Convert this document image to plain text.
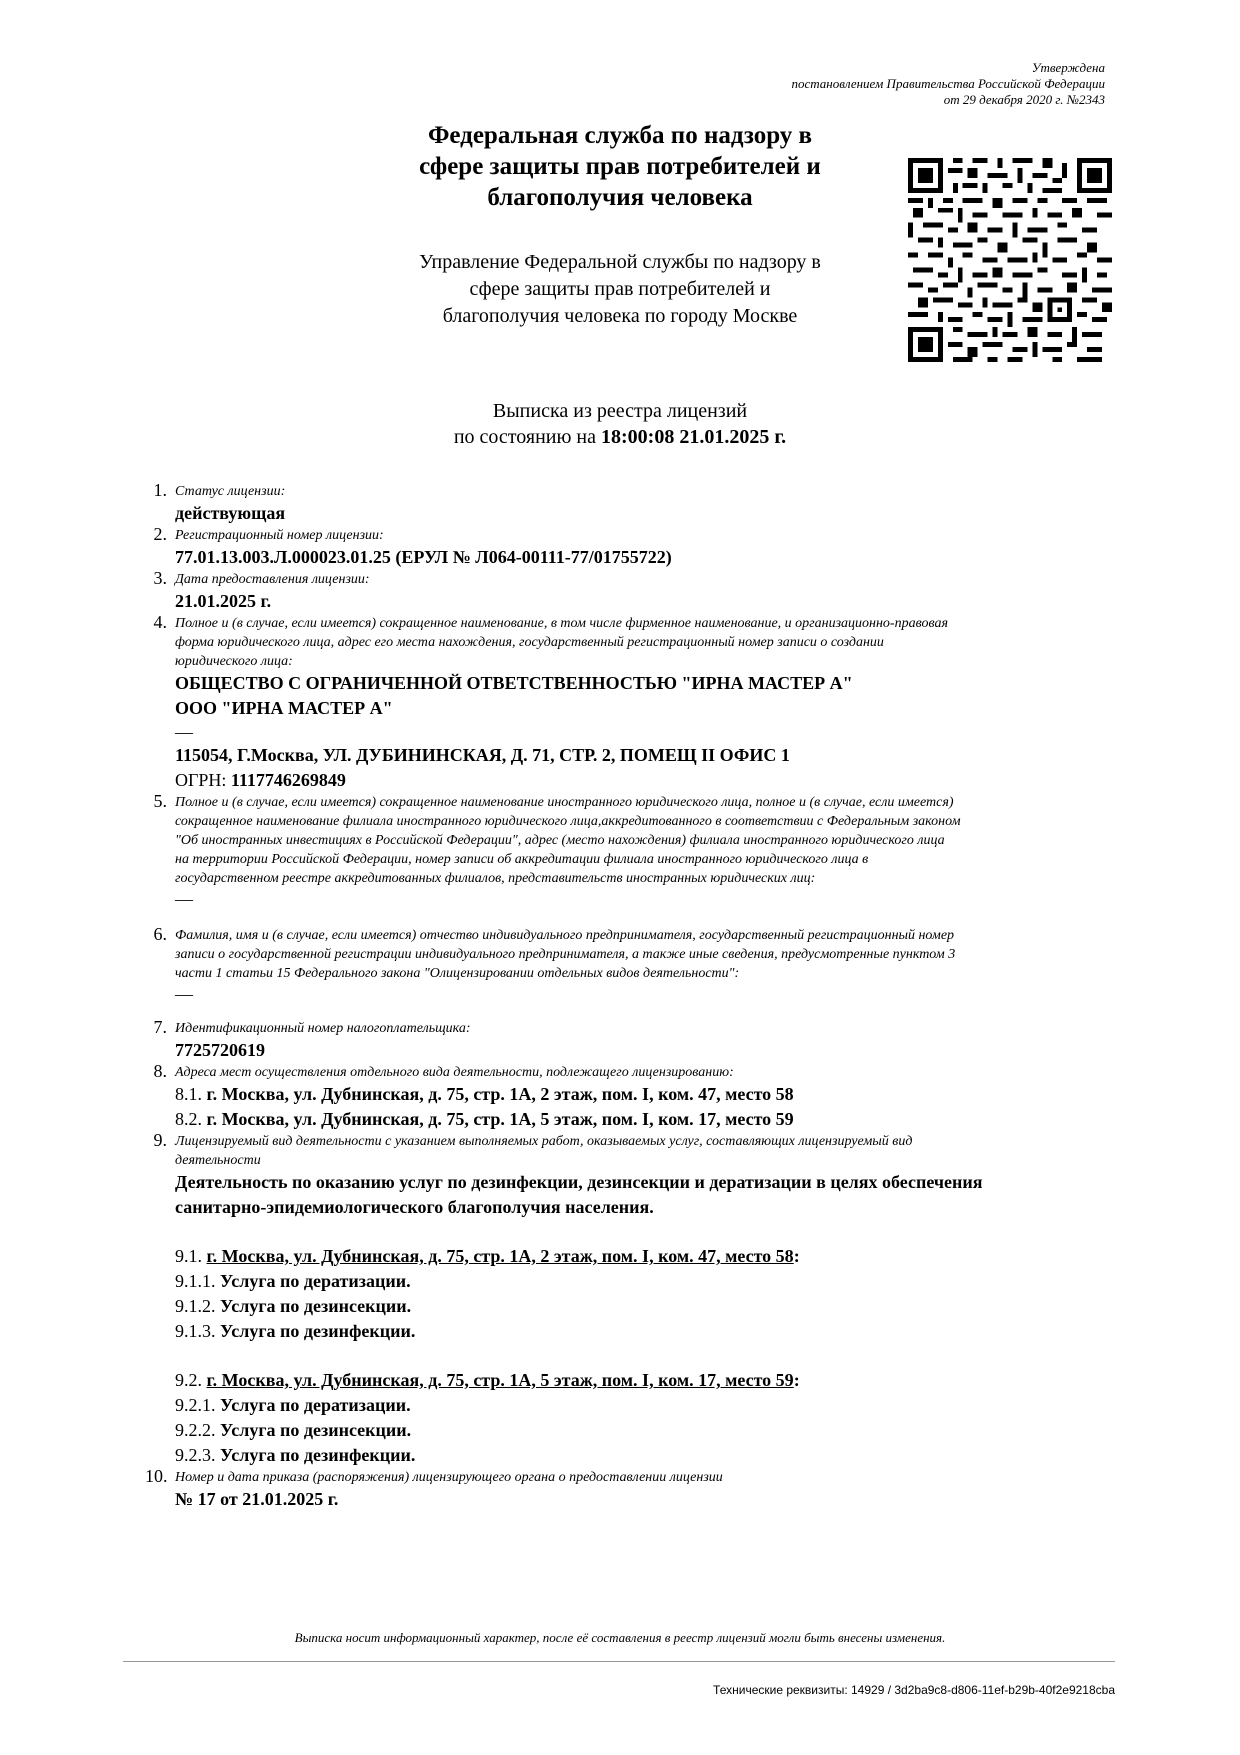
Утверждена
постановлением Правительства Российской Федерации
от 29 декабря 2020 г. №2343
Федеральная служба по надзору в
сфере защиты прав потребителей и
благополучия человека
Управление Федеральной службы по надзору в
сфере защиты прав потребителей и
благополучия человека по городу Москве
Выписка из реестра лицензий
по состоянию на 18:00:08 21.01.2025 г.
1. Статус лицензии:
действующая
2. Регистрационный номер лицензии:
77.01.13.003.Л.000023.01.25 (ЕРУЛ № Л064-00111-77/01755722)
3. Дата предоставления лицензии:
21.01.2025 г.
4. Полное и (в случае, если имеется) сокращенное наименование, в том числе фирменное наименование, и организационно-правовая
форма юридического лица, адрес его места нахождения, государственный регистрационный номер записи о создании
юридического лица:
ОБЩЕСТВО С ОГРАНИЧЕННОЙ ОТВЕТСТВЕННОСТЬЮ "ИРНА МАСТЕР А"
ООО "ИРНА МАСТЕР А"
—
115054, Г.Москва, УЛ. ДУБИНИНСКАЯ, Д. 71, СТР. 2, ПОМЕЩ II ОФИС 1
ОГРН: 1117746269849
5. Полное и (в случае, если имеется) сокращенное наименование иностранного юридического лица, полное и (в случае, если имеется)
сокращенное наименование филиала иностранного юридического лица,аккредитованного в соответствии с Федеральным законом
"Об иностранных инвестициях в Российской Федерации", адрес (место нахождения) филиала иностранного юридического лица
на территории Российской Федерации, номер записи об аккредитации филиала иностранного юридического лица в
государственном реестре аккредитованных филиалов, представительств иностранных юридических лиц:
—
6. Фамилия, имя и (в случае, если имеется) отчество индивидуального предпринимателя, государственный регистрационный номер
записи о государственной регистрации индивидуального предпринимателя, а также иные сведения, предусмотренные пунктом 3
части 1 статьи 15 Федерального закона "Олицензировании отдельных видов деятельности":
—
7. Идентификационный номер налогоплательщика:
7725720619
8. Адреса мест осуществления отдельного вида деятельности, подлежащего лицензированию:
8.1. г. Москва, ул. Дубнинская, д. 75, стр. 1А, 2 этаж, пом. I, ком. 47, место 58
8.2. г. Москва, ул. Дубнинская, д. 75, стр. 1А, 5 этаж, пом. I, ком. 17, место 59
9. Лицензируемый вид деятельности с указанием выполняемых работ, оказываемых услуг, составляющих лицензируемый вид
деятельности
Деятельность по оказанию услуг по дезинфекции, дезинсекции и дератизации в целях обеспечения
санитарно-эпидемиологического благополучия населения.
9.1. г. Москва, ул. Дубнинская, д. 75, стр. 1А, 2 этаж, пом. I, ком. 47, место 58:
9.1.1. Услуга по дератизации.
9.1.2. Услуга по дезинсекции.
9.1.3. Услуга по дезинфекции.
9.2. г. Москва, ул. Дубнинская, д. 75, стр. 1А, 5 этаж, пом. I, ком. 17, место 59:
9.2.1. Услуга по дератизации.
9.2.2. Услуга по дезинсекции.
9.2.3. Услуга по дезинфекции.
10. Номер и дата приказа (распоряжения) лицензирующего органа о предоставлении лицензии
№ 17 от 21.01.2025 г.
Выписка носит информационный характер, после её составления в реестр лицензий могли быть внесены изменения.
Технические реквизиты: 14929 / 3d2ba9c8-d806-11ef-b29b-40f2e9218cba
